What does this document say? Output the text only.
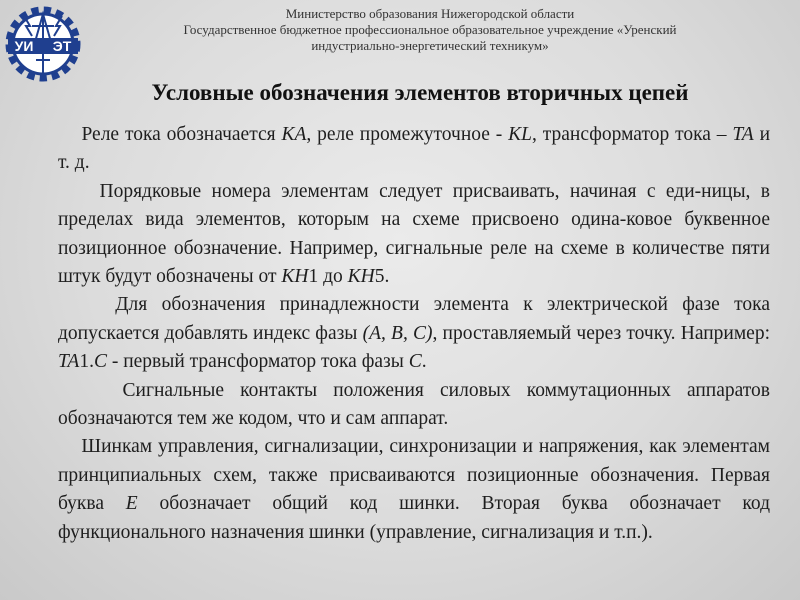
УИ ЭТ
Министерство образования Нижегородской области
Государственное бюджетное профессиональное образовательное учреждение «Уренский
индустриально-энергетический техникум»
Условные обозначения элементов вторичных цепей

Реле тока обозначается KA, реле промежуточное - KL, трансформатор тока – TA и т. д.

Порядковые номера элементам следует присваивать, начиная с еди-ницы, в пределах вида элементов, которым на схеме присвоено одина-ковое буквенное позиционное обозначение. Например, сигнальные реле на схеме в количестве пяти штук будут обозначены от KH1 до KH5.

Для обозначения принадлежности элемента к электрической фазе тока допускается добавлять индекс фазы (A, B, C), проставляемый через точку. Например: TA1.C - первый трансформатор тока фазы C.

Сигнальные контакты положения силовых коммутационных аппаратов обозначаются тем же кодом, что и сам аппарат.

Шинкам управления, сигнализации, синхронизации и напряжения, как элементам принципиальных схем, также присваиваются позиционные обозначения. Первая буква E обозначает общий код шинки. Вторая буква обозначает код функционального назначения шинки (управление, сигнализация и т.п.).
